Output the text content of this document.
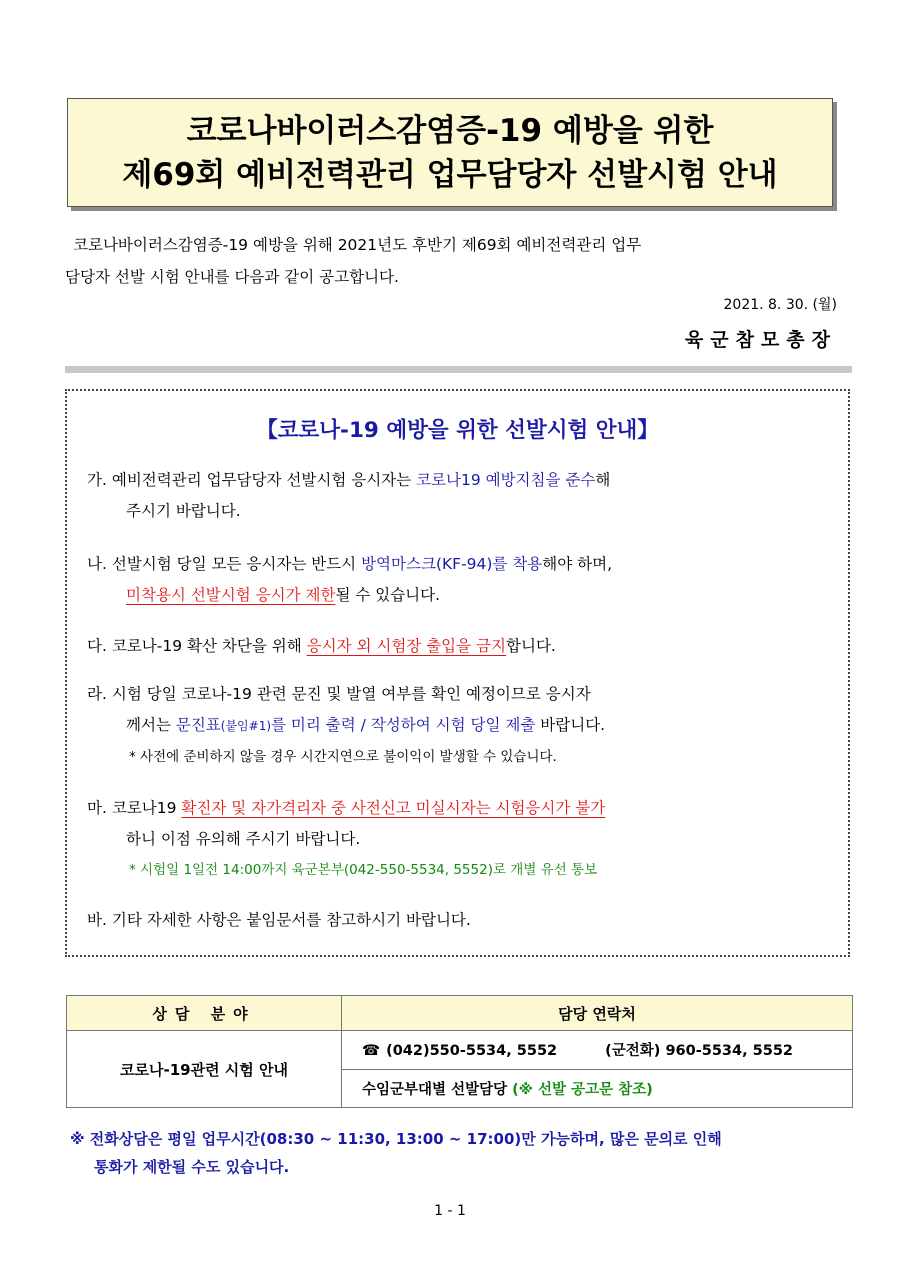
코로나바이러스감염증-19 예방을 위한
제69회 예비전력관리 업무담당자 선발시험 안내
코로나바이러스감염증-19 예방을 위해 2021년도 후반기 제69회 예비전력관리 업무
담당자 선발 시험 안내를 다음과 같이 공고합니다.
2021. 8. 30. (월)
육군참모총장
【코로나-19 예방을 위한 선발시험 안내】
가. 예비전력관리 업무담당자 선발시험 응시자는 코로나19 예방지침을 준수해
주시기 바랍니다.
나. 선발시험 당일 모든 응시자는 반드시 방역마스크(KF-94)를 착용해야 하며,
미착용시 선발시험 응시가 제한될 수 있습니다.
다. 코로나-19 확산 차단을 위해 응시자 외 시험장 출입을 금지합니다.
라. 시험 당일 코로나-19 관련 문진 및 발열 여부를 확인 예정이므로 응시자
께서는 문진표(붙임#1)를 미리 출력 / 작성하여 시험 당일 제출 바랍니다.
* 사전에 준비하지 않을 경우 시간지연으로 불이익이 발생할 수 있습니다.
마. 코로나19 확진자 및 자가격리자 중 사전신고 미실시자는 시험응시가 불가
하니 이점 유의해 주시기 바랍니다.
* 시험일 1일전 14:00까지 육군본부(042-550-5534, 5552)로 개별 유선 통보
바. 기타 자세한 사항은 붙임문서를 참고하시기 바랍니다.
상담 분야	담당 연락처
코로나-19관련 시험 안내	☎ (042)550-5534, 5552 (군전화) 960-5534, 5552
	수임군부대별 선발담당 (※ 선발 공고문 참조)
※ 전화상담은 평일 업무시간(08:30 ~ 11:30, 13:00 ~ 17:00)만 가능하며, 많은 문의로 인해
통화가 제한될 수도 있습니다.
1 - 1
